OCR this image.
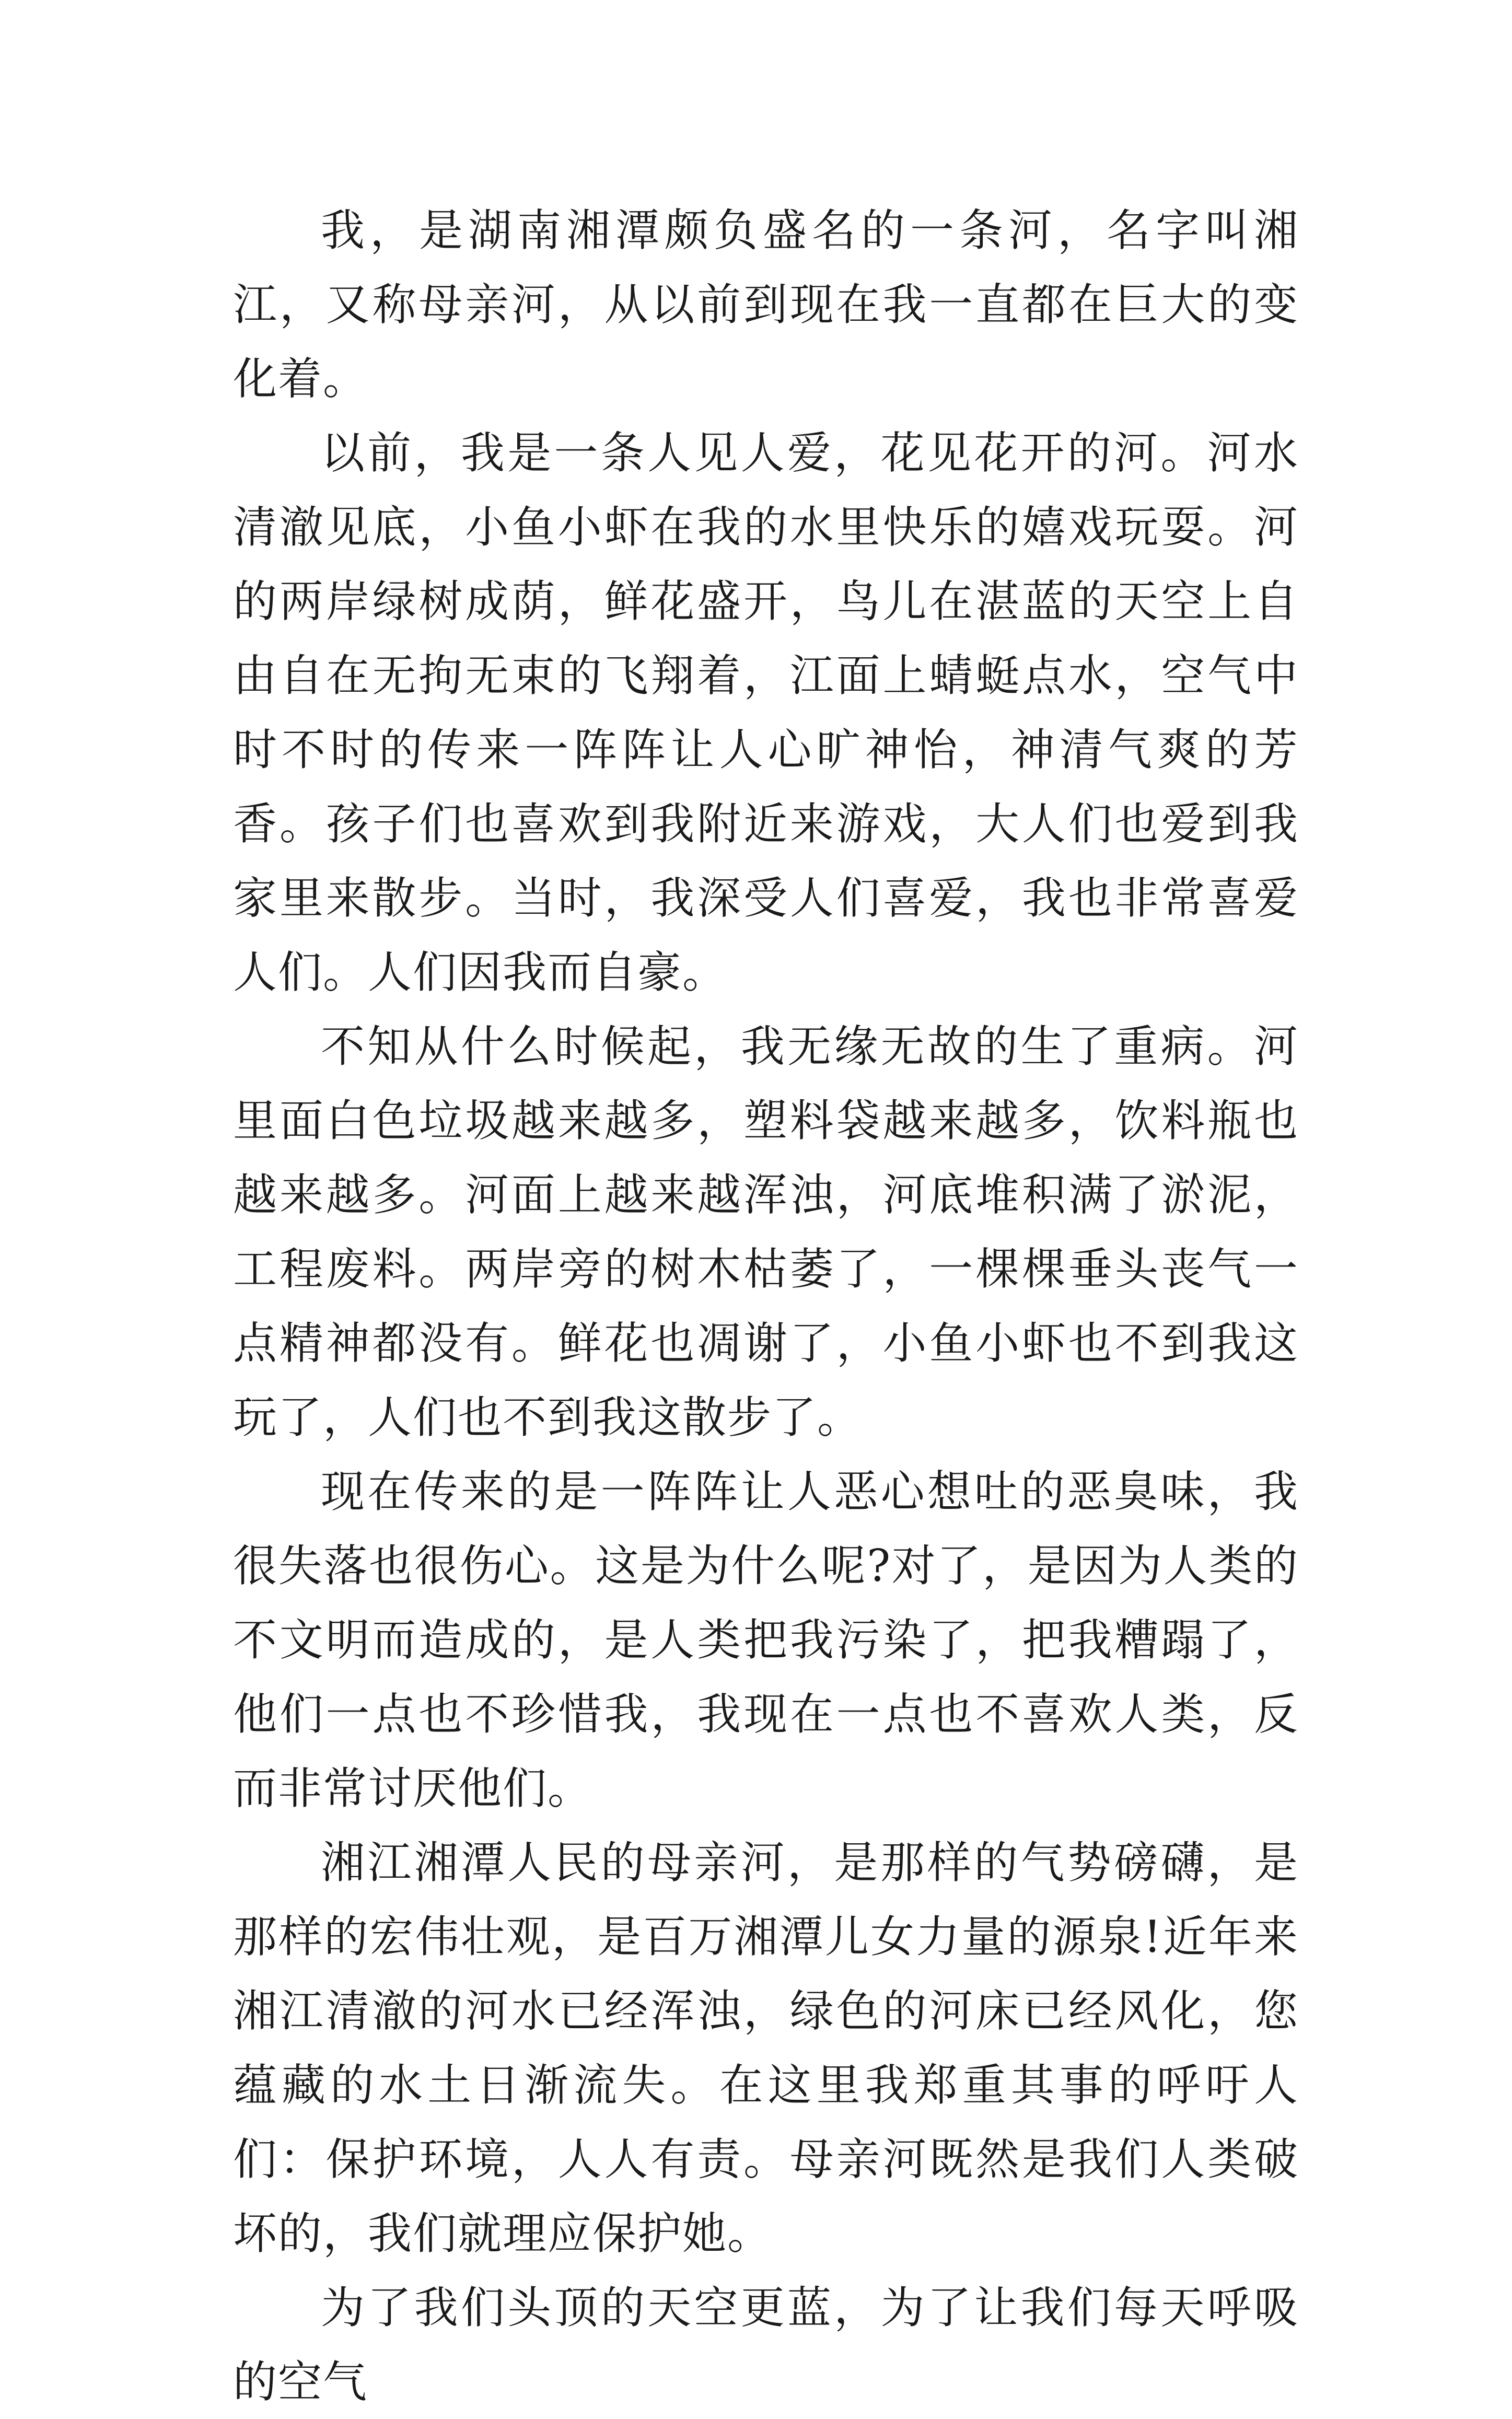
我，是湖南湘潭颇负盛名的一条河，名字叫湘江，又称母亲河，从以前到现在我一直都在巨大的变化着。

以前，我是一条人见人爱，花见花开的河。河水清澈见底，小鱼小虾在我的水里快乐的嬉戏玩耍。河的两岸绿树成荫，鲜花盛开，鸟儿在湛蓝的天空上自由自在无拘无束的飞翔着，江面上蜻蜓点水，空气中时不时的传来一阵阵让人心旷神怡，神清气爽的芳香。孩子们也喜欢到我附近来游戏，大人们也爱到我家里来散步。当时，我深受人们喜爱，我也非常喜爱人们。人们因我而自豪。

不知从什么时候起，我无缘无故的生了重病。河里面白色垃圾越来越多，塑料袋越来越多，饮料瓶也越来越多。河面上越来越浑浊，河底堆积满了淤泥，工程废料。两岸旁的树木枯萎了，一棵棵垂头丧气一点精神都没有。鲜花也凋谢了，小鱼小虾也不到我这玩了，人们也不到我这散步了。

现在传来的是一阵阵让人恶心想吐的恶臭味，我很失落也很伤心。这是为什么呢?对了，是因为人类的不文明而造成的，是人类把我污染了，把我糟蹋了，他们一点也不珍惜我，我现在一点也不喜欢人类，反而非常讨厌他们。

湘江湘潭人民的母亲河，是那样的气势磅礴，是那样的宏伟壮观，是百万湘潭儿女力量的源泉!近年来湘江清澈的河水已经浑浊，绿色的河床已经风化，您蕴藏的水土日渐流失。在这里我郑重其事的呼吁人们：保护环境，人人有责。母亲河既然是我们人类破坏的，我们就理应保护她。

为了我们头顶的天空更蓝，为了让我们每天呼吸的空气
